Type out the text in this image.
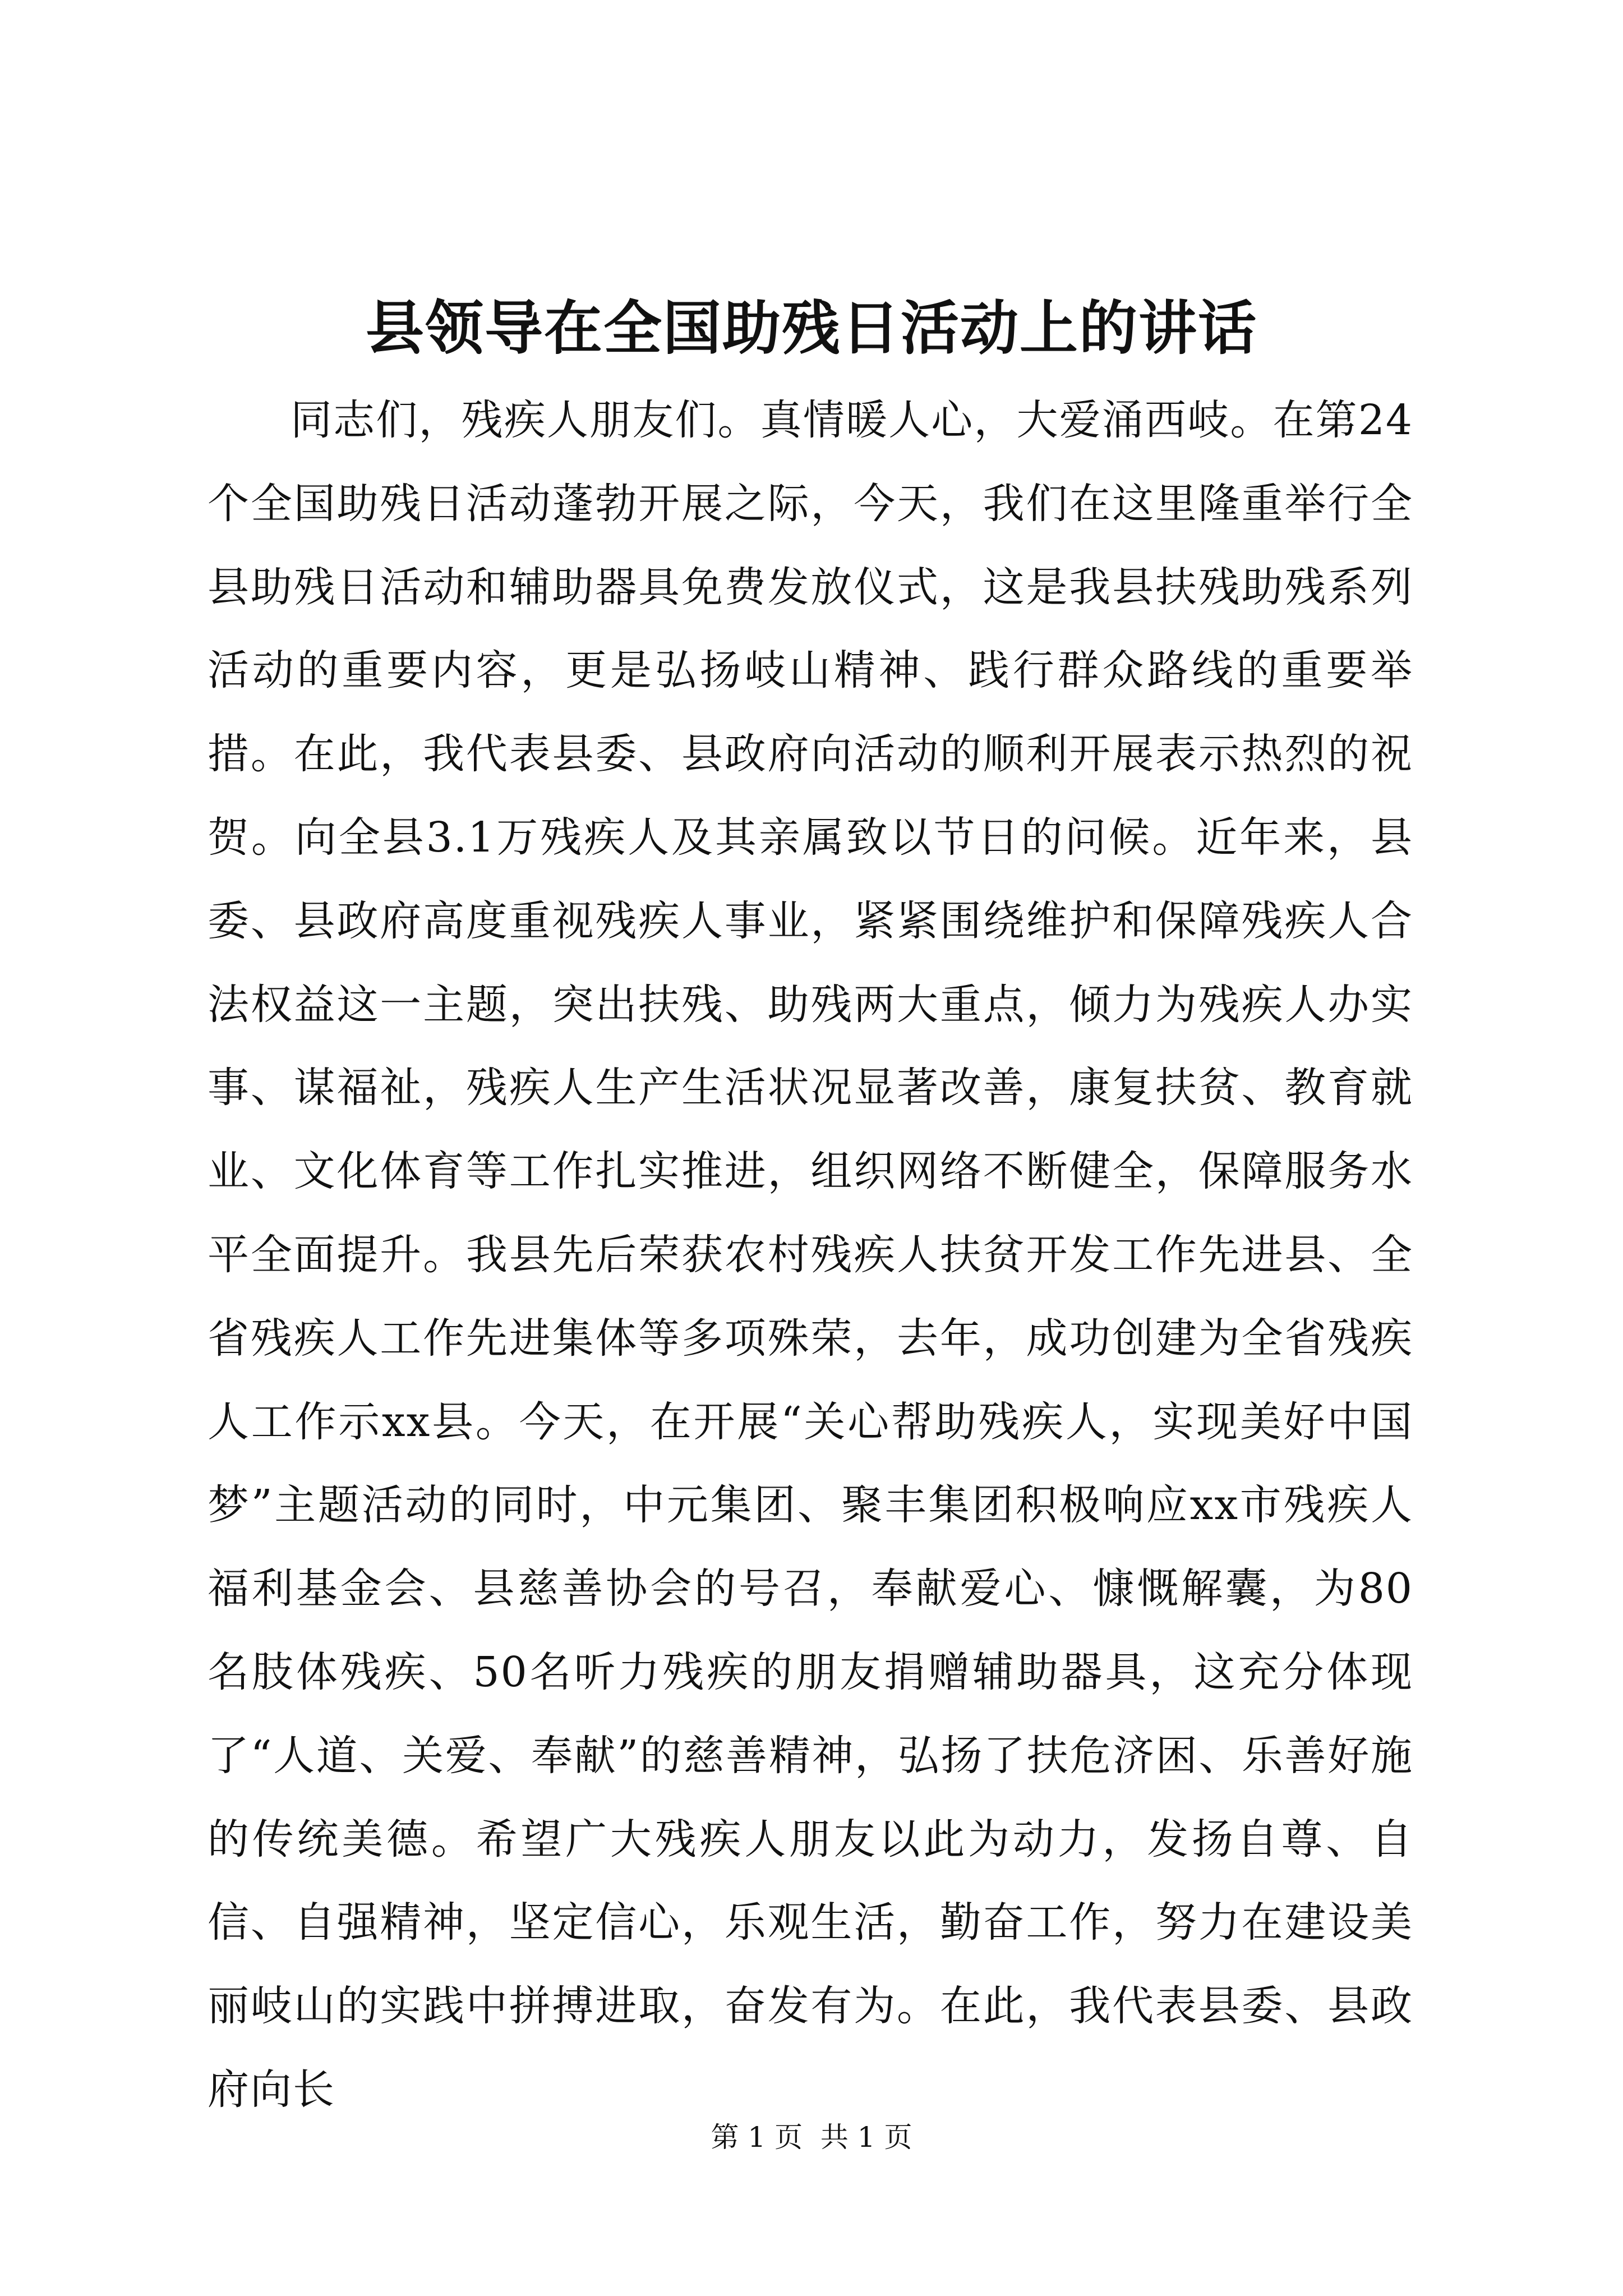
县领导在全国助残日活动上的讲话

同志们，残疾人朋友们。真情暖人心，大爱涌西岐。在第24个全国助残日活动蓬勃开展之际，今天，我们在这里隆重举行全县助残日活动和辅助器具免费发放仪式，这是我县扶残助残系列活动的重要内容，更是弘扬岐山精神、践行群众路线的重要举措。在此，我代表县委、县政府向活动的顺利开展表示热烈的祝贺。向全县3.1万残疾人及其亲属致以节日的问候。近年来，县委、县政府高度重视残疾人事业，紧紧围绕维护和保障残疾人合法权益这一主题，突出扶残、助残两大重点，倾力为残疾人办实事、谋福祉，残疾人生产生活状况显著改善，康复扶贫、教育就业、文化体育等工作扎实推进，组织网络不断健全，保障服务水平全面提升。我县先后荣获农村残疾人扶贫开发工作先进县、全省残疾人工作先进集体等多项殊荣，去年，成功创建为全省残疾人工作示xx县。今天，在开展“关心帮助残疾人，实现美好中国梦”主题活动的同时，中元集团、聚丰集团积极响应xx市残疾人福利基金会、县慈善协会的号召，奉献爱心、慷慨解囊，为80名肢体残疾、50名听力残疾的朋友捐赠辅助器具，这充分体现了“人道、关爱、奉献”的慈善精神，弘扬了扶危济困、乐善好施的传统美德。希望广大残疾人朋友以此为动力，发扬自尊、自信、自强精神，坚定信心，乐观生活，勤奋工作，努力在建设美丽岐山的实践中拼搏进取，奋发有为。在此，我代表县委、县政府向长

第 1 页  共 1 页
